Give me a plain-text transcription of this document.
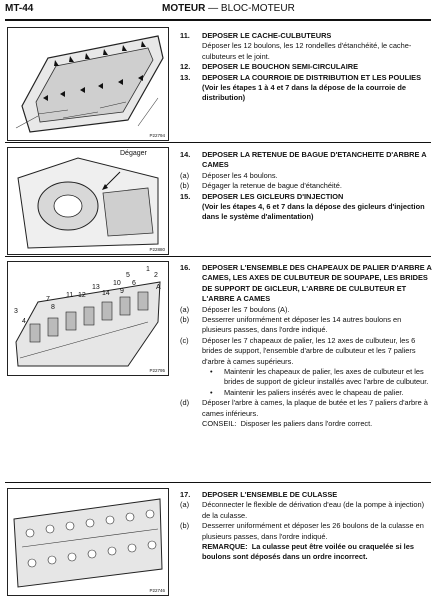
MT-44	MOTEUR — BLOC-MOTEUR
P22794
Dégager
P22880
3
4
7
8
11 12
13
14
10
9
5
6
1
2
A
P22795
P22746
11.	DEPOSER LE CACHE-CULBUTEURS
Déposer les 12 boulons, les 12 rondelles d'étanchéité, le cache-culbuteurs et le joint.
12.	DEPOSER LE BOUCHON SEMI-CIRCULAIRE
13.	DEPOSER LA COURROIE DE DISTRIBUTION ET LES POULIES
(Voir les étapes 1 à 4 et 7 dans la dépose de la courroie de distribution)
14.	DEPOSER LA RETENUE DE BAGUE D'ETANCHEITE D'ARBRE A CAMES
(a)	Déposer les 4 boulons.
(b)	Dégager la retenue de bague d'étanchéité.
15.	DEPOSER LES GICLEURS D'INJECTION
(Voir les étapes 4, 6 et 7 dans la dépose des gicleurs d'injection dans le système d'alimentation)
16.	DEPOSER L'ENSEMBLE DES CHAPEAUX DE PALIER D'ARBRE A CAMES, LES AXES DE CULBUTEUR DE SOUPAPE, LES BRIDES DE SUPPORT DE GICLEUR, L'ARBRE DE CULBUTEUR ET L'ARBRE A CAMES
(a)	Déposer les 7 boulons (A).
(b)	Desserrer uniformément et déposer les 14 autres boulons en plusieurs passes, dans l'ordre indiqué.
(c)	Déposer les 7 chapeaux de palier, les 12 axes de culbuteur, les 6 brides de support, l'ensemble d'arbre de culbuteur et les 7 paliers d'arbre à cames supérieurs.
•	Maintenir les chapeaux de palier, les axes de culbuteur et les brides de support de gicleur installés avec l'arbre de culbuteur.
•	Maintenir les paliers insérés avec le chapeau de palier.
(d)	Déposer l'arbre à cames, la plaque de butée et les 7 paliers d'arbre à cames inférieurs.
CONSEIL: Disposer les paliers dans l'ordre correct.
17.	DEPOSER L'ENSEMBLE DE CULASSE
(a)	Déconnecter le flexible de dérivation d'eau (de la pompe à injection) de la culasse.
(b)	Desserrer uniformément et déposer les 26 boulons de la culasse en plusieurs passes, dans l'ordre indiqué.
REMARQUE: La culasse peut être voilée ou craquelée si les boulons sont déposés dans un ordre incorrect.
